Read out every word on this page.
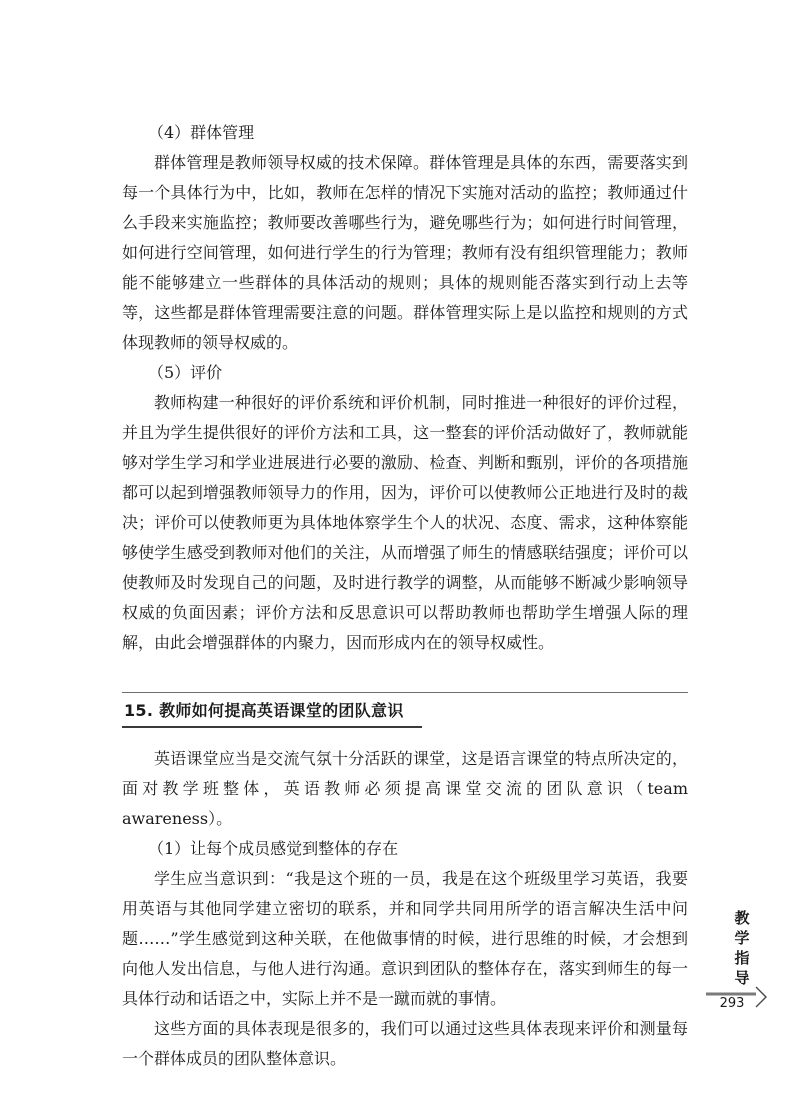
（4）群体管理

群体管理是教师领导权威的技术保障。群体管理是具体的东西，需要落实到每一个具体行为中，比如，教师在怎样的情况下实施对活动的监控；教师通过什么手段来实施监控；教师要改善哪些行为，避免哪些行为；如何进行时间管理，如何进行空间管理，如何进行学生的行为管理；教师有没有组织管理能力；教师能不能够建立一些群体的具体活动的规则；具体的规则能否落实到行动上去等等，这些都是群体管理需要注意的问题。群体管理实际上是以监控和规则的方式体现教师的领导权威的。

（5）评价

教师构建一种很好的评价系统和评价机制，同时推进一种很好的评价过程，并且为学生提供很好的评价方法和工具，这一整套的评价活动做好了，教师就能够对学生学习和学业进展进行必要的激励、检查、判断和甄别，评价的各项措施都可以起到增强教师领导力的作用，因为，评价可以使教师公正地进行及时的裁决；评价可以使教师更为具体地体察学生个人的状况、态度、需求，这种体察能够使学生感受到教师对他们的关注，从而增强了师生的情感联结强度；评价可以使教师及时发现自己的问题，及时进行教学的调整，从而能够不断减少影响领导权威的负面因素；评价方法和反思意识可以帮助教师也帮助学生增强人际的理解，由此会增强群体的内聚力，因而形成内在的领导权威性。

15. 教师如何提高英语课堂的团队意识

英语课堂应当是交流气氛十分活跃的课堂，这是语言课堂的特点所决定的，面对教学班整体，英语教师必须提高课堂交流的团队意识（team awareness）。

（1）让每个成员感觉到整体的存在

学生应当意识到：“我是这个班的一员，我是在这个班级里学习英语，我要用英语与其他同学建立密切的联系，并和同学共同用所学的语言解决生活中问题……”学生感觉到这种关联，在他做事情的时候，进行思维的时候，才会想到向他人发出信息，与他人进行沟通。意识到团队的整体存在，落实到师生的每一具体行动和话语之中，实际上并不是一蹴而就的事情。

这些方面的具体表现是很多的，我们可以通过这些具体表现来评价和测量每一个群体成员的团队整体意识。

教
学
指
导
293
